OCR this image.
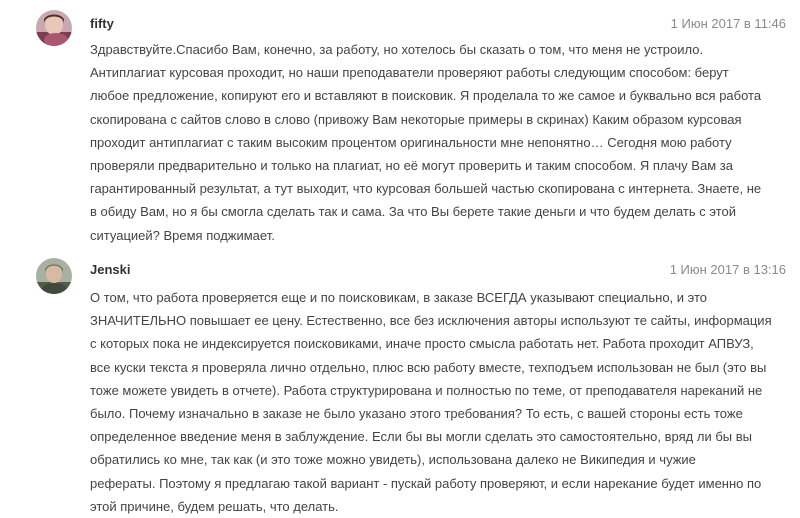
fifty	1 Июн 2017 в 11:46
Здравствуйте.Спасибо Вам, конечно, за работу, но хотелось бы сказать о том, что меня не устроило.
Антиплагиат курсовая проходит, но наши преподаватели проверяют работы следующим способом: берут
любое предложение, копируют его и вставляют в поисковик. Я проделала то же самое и буквально вся работа
скопирована с сайтов слово в слово (привожу Вам некоторые примеры в скринах) Каким образом курсовая
проходит антиплагиат с таким высоким процентом оригинальности мне непонятно… Сегодня мою работу
проверяли предварительно и только на плагиат, но её могут проверить и таким способом. Я плачу Вам за
гарантированный результат, а тут выходит, что курсовая большей частью скопирована с интернета. Знаете, не
в обиду Вам, но я бы смогла сделать так и сама. За что Вы берете такие деньги и что будем делать с этой
ситуацией? Время поджимает.
Jenski	1 Июн 2017 в 13:16
О том, что работа проверяется еще и по поисковикам, в заказе ВСЕГДА указывают специально, и это
ЗНАЧИТЕЛЬНО повышает ее цену. Естественно, все без исключения авторы используют те сайты, информация
с которых пока не индексируется поисковиками, иначе просто смысла работать нет. Работа проходит АПВУЗ,
все куски текста я проверяла лично отдельно, плюс всю работу вместе, техподъем использован не был (это вы
тоже можете увидеть в отчете). Работа структурирована и полностью по теме, от преподавателя нареканий не
было. Почему изначально в заказе не было указано этого требования? То есть, с вашей стороны есть тоже
определенное введение меня в заблуждение. Если бы вы могли сделать это самостоятельно, вряд ли бы вы
обратились ко мне, так как (и это тоже можно увидеть), использована далеко не Википедия и чужие
рефераты. Поэтому я предлагаю такой вариант - пускай работу проверяют, и если нарекание будет именно по
этой причине, будем решать, что делать.
